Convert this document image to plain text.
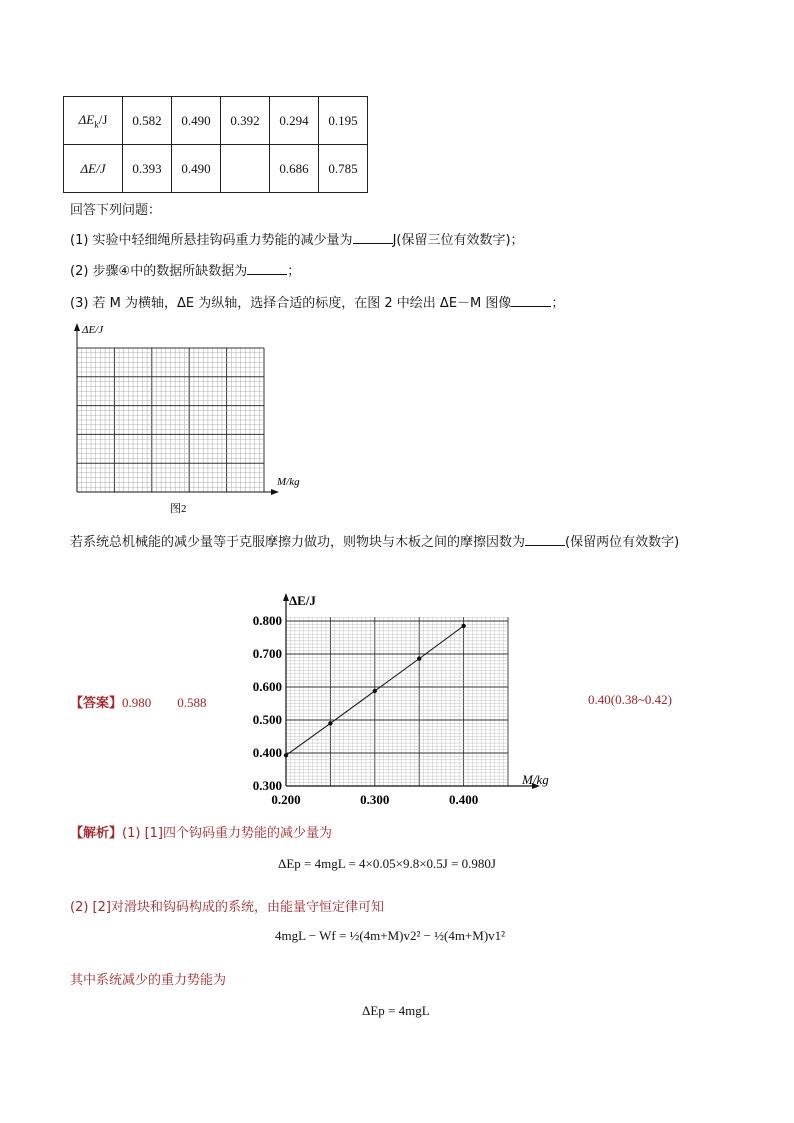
$\Delta E_k/J$	0.582	0.490	0.392	0.294	0.195
ΔE/J	0.393	0.490		0.686	0.785
回答下列问题：
(1) 实验中轻细绳所悬挂钩码重力势能的减少量为	J(保留三位有效数字)；
(2) 步骤④中的数据所缺数据为	；
(3) 若 M 为横轴，ΔE 为纵轴，选择合适的标度，在图 2 中绘出 ΔE－M 图像	；
ΔE/J
M/kg
图2
若系统总机械能的减少量等于克服摩擦力做功，则物块与木板之间的摩擦因数为	(保留两位有效数字)
【答案】0.980 0.588	0.40(0.38~0.42)
0.300
0.400
0.500
0.600
0.700
0.800
0.200	0.300	0.400
ΔE/J
M/kg
【解析】(1) [1]四个钩码重力势能的减少量为
ΔEp = 4mgL = 4×0.05×9.8×0.5J = 0.980J
(2) [2]对滑块和钩码构成的系统，由能量守恒定律可知
4mgL − Wf = ½(4m+M)v2² − ½(4m+M)v1²
其中系统减少的重力势能为
ΔEp = 4mgL
